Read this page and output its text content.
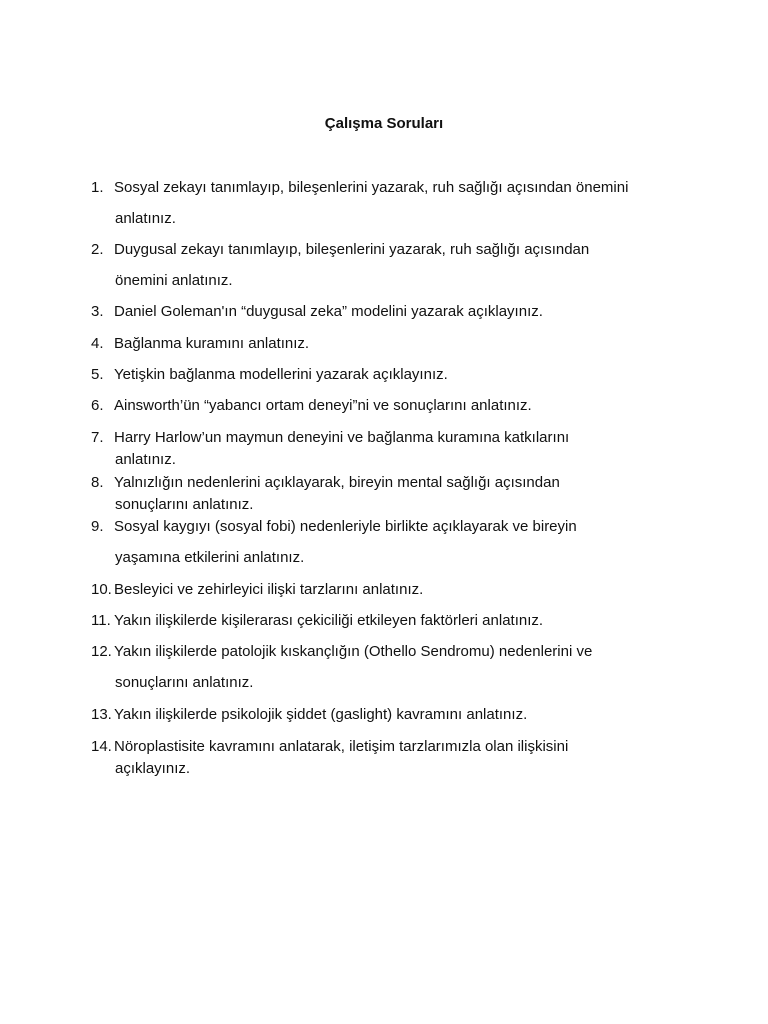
Çalışma Soruları
1. Sosyal zekayı tanımlayıp, bileşenlerini yazarak, ruh sağlığı açısından önemini
anlatınız.
2. Duygusal zekayı tanımlayıp, bileşenlerini yazarak, ruh sağlığı açısından
önemini anlatınız.
3. Daniel Goleman'ın “duygusal zeka” modelini yazarak açıklayınız.
4. Bağlanma kuramını anlatınız.
5. Yetişkin bağlanma modellerini yazarak açıklayınız.
6. Ainsworth’ün “yabancı ortam deneyi”ni ve sonuçlarını anlatınız.
7. Harry Harlow’un maymun deneyini ve bağlanma kuramına katkılarını
anlatınız.
8. Yalnızlığın nedenlerini açıklayarak, bireyin mental sağlığı açısından
sonuçlarını anlatınız.
9. Sosyal kaygıyı (sosyal fobi) nedenleriyle birlikte açıklayarak ve bireyin
yaşamına etkilerini anlatınız.
10. Besleyici ve zehirleyici ilişki tarzlarını anlatınız.
11. Yakın ilişkilerde kişilerarası çekiciliği etkileyen faktörleri anlatınız.
12. Yakın ilişkilerde patolojik kıskançlığın (Othello Sendromu) nedenlerini ve
sonuçlarını anlatınız.
13. Yakın ilişkilerde psikolojik şiddet (gaslight) kavramını anlatınız.
14. Nöroplastisite kavramını anlatarak, iletişim tarzlarımızla olan ilişkisini
açıklayınız.
